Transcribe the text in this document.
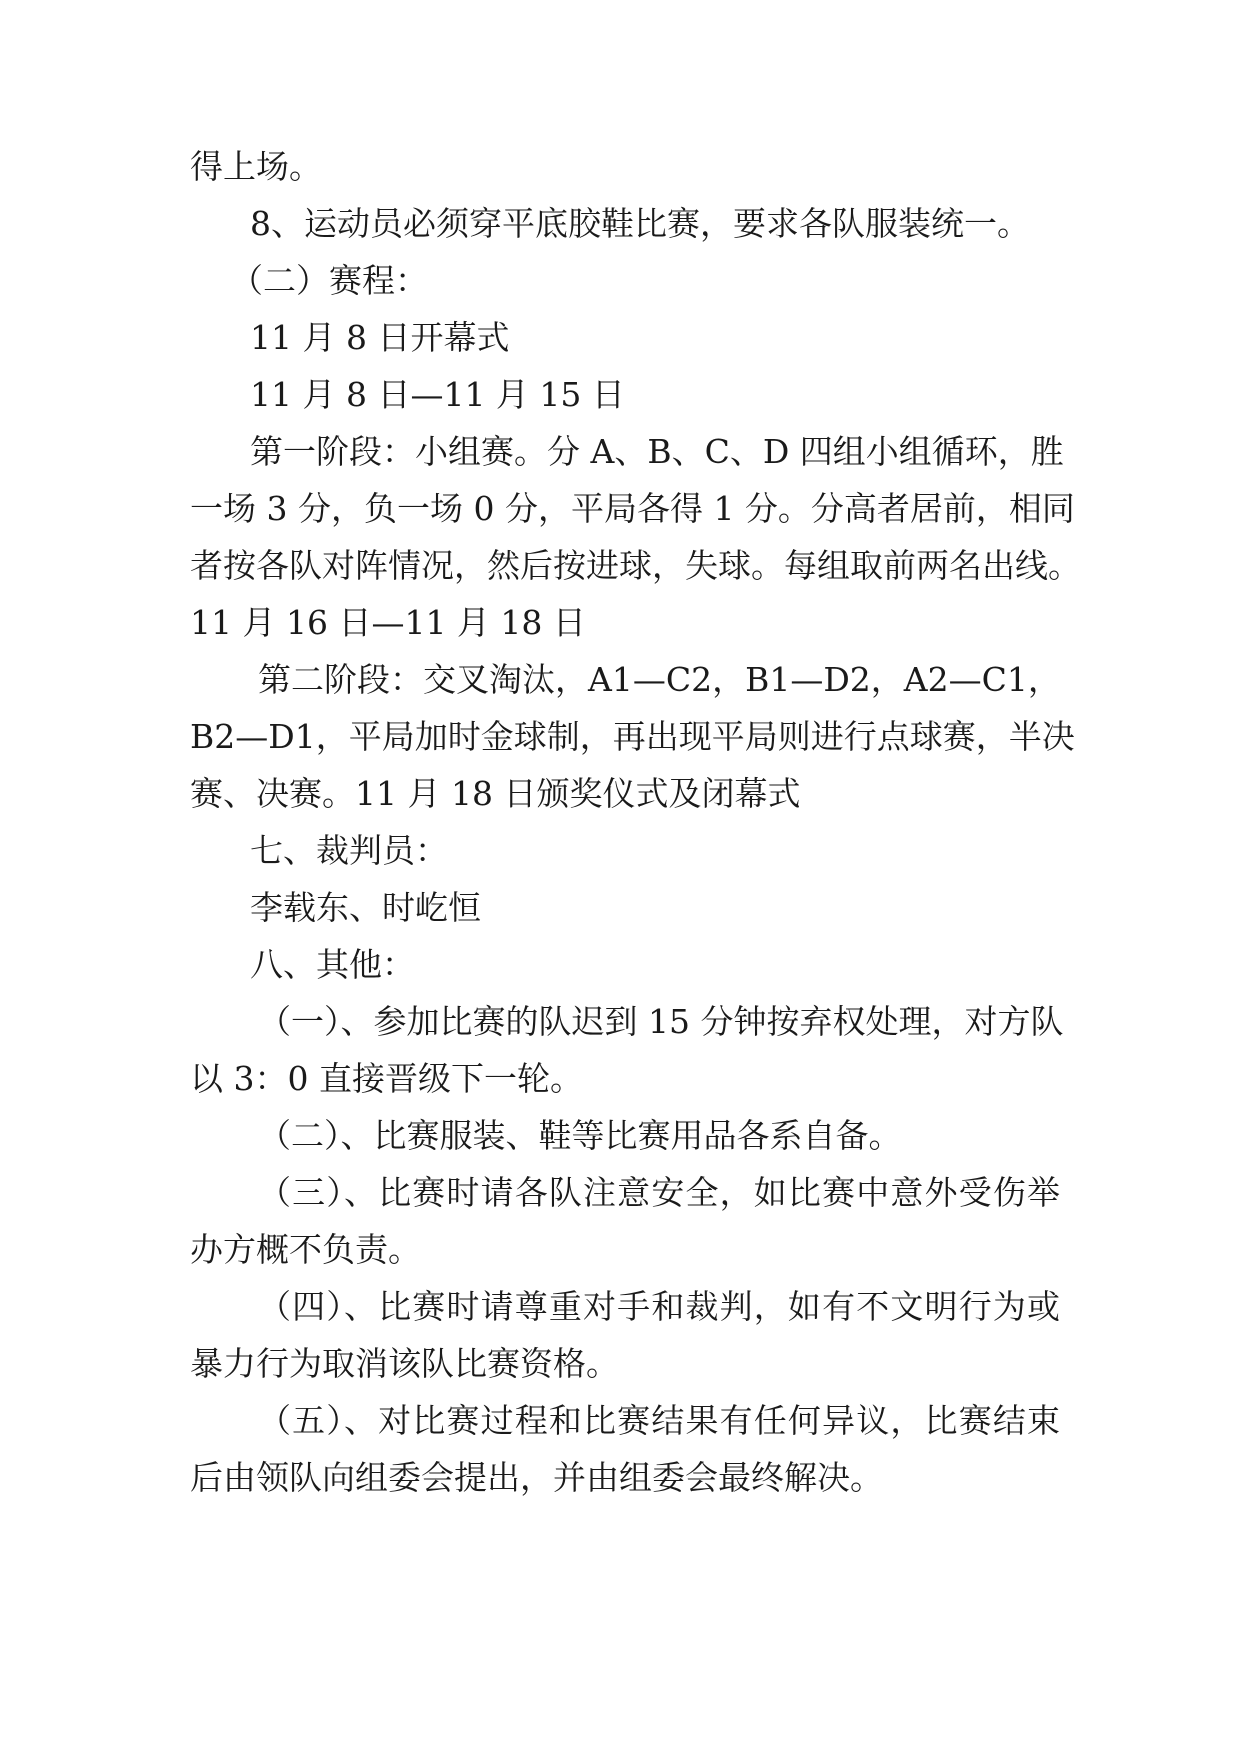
得上场。
8、运动员必须穿平底胶鞋比赛，要求各队服装统一。
（二）赛程：
11 月 8 日开幕式
11 月 8 日—11 月 15 日
第一阶段：小组赛。分 A、B、C、D 四组小组循环，胜
一场 3 分，负一场 0 分，平局各得 1 分。分高者居前，相同
者按各队对阵情况，然后按进球，失球。每组取前两名出线。
11 月 16 日—11 月 18 日
第二阶段：交叉淘汰，A1—C2，B1—D2，A2—C1，
B2—D1，平局加时金球制，再出现平局则进行点球赛，半决
赛、决赛。11 月 18 日颁奖仪式及闭幕式
七、裁判员：
李载东、时屹恒
八、其他：
（一）、参加比赛的队迟到 15 分钟按弃权处理，对方队
以 3：0 直接晋级下一轮。
（二）、比赛服装、鞋等比赛用品各系自备。
（三）、比赛时请各队注意安全，如比赛中意外受伤举
办方概不负责。
（四）、比赛时请尊重对手和裁判，如有不文明行为或
暴力行为取消该队比赛资格。
（五）、对比赛过程和比赛结果有任何异议，比赛结束
后由领队向组委会提出，并由组委会最终解决。
